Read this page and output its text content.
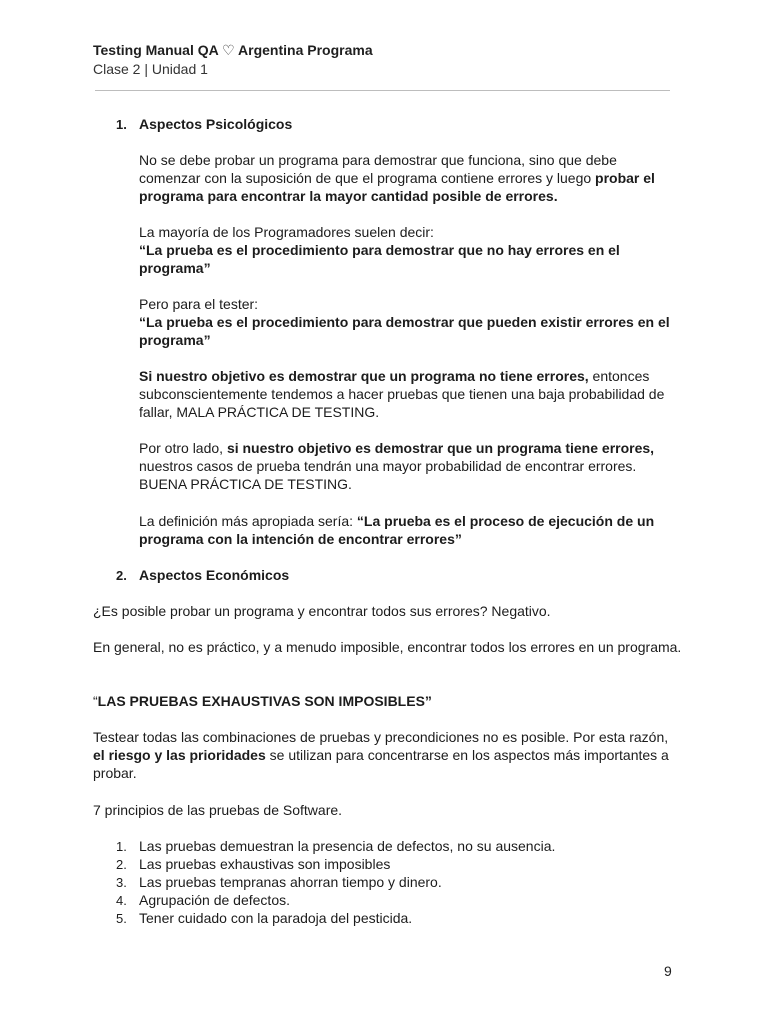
Testing Manual QA ♡ Argentina Programa
Clase 2 | Unidad 1
1. Aspectos Psicológicos
No se debe probar un programa para demostrar que funciona, sino que debe comenzar con la suposición de que el programa contiene errores y luego probar el programa para encontrar la mayor cantidad posible de errores.
La mayoría de los Programadores suelen decir:
“La prueba es el procedimiento para demostrar que no hay errores en el programa”
Pero para el tester:
“La prueba es el procedimiento para demostrar que pueden existir errores en el programa”
Si nuestro objetivo es demostrar que un programa no tiene errores, entonces subconscientemente tendemos a hacer pruebas que tienen una baja probabilidad de fallar, MALA PRÁCTICA DE TESTING.
Por otro lado, si nuestro objetivo es demostrar que un programa tiene errores, nuestros casos de prueba tendrán una mayor probabilidad de encontrar errores. BUENA PRÁCTICA DE TESTING.
La definición más apropiada sería: “La prueba es el proceso de ejecución de un programa con la intención de encontrar errores”
2. Aspectos Económicos
¿Es posible probar un programa y encontrar todos sus errores? Negativo.
En general, no es práctico, y a menudo imposible, encontrar todos los errores en un programa.
“LAS PRUEBAS EXHAUSTIVAS SON IMPOSIBLES”
Testear todas las combinaciones de pruebas y precondiciones no es posible. Por esta razón, el riesgo y las prioridades se utilizan para concentrarse en los aspectos más importantes a probar.
7 principios de las pruebas de Software.
1. Las pruebas demuestran la presencia de defectos, no su ausencia.
2. Las pruebas exhaustivas son imposibles
3. Las pruebas tempranas ahorran tiempo y dinero.
4. Agrupación de defectos.
5. Tener cuidado con la paradoja del pesticida.
9
